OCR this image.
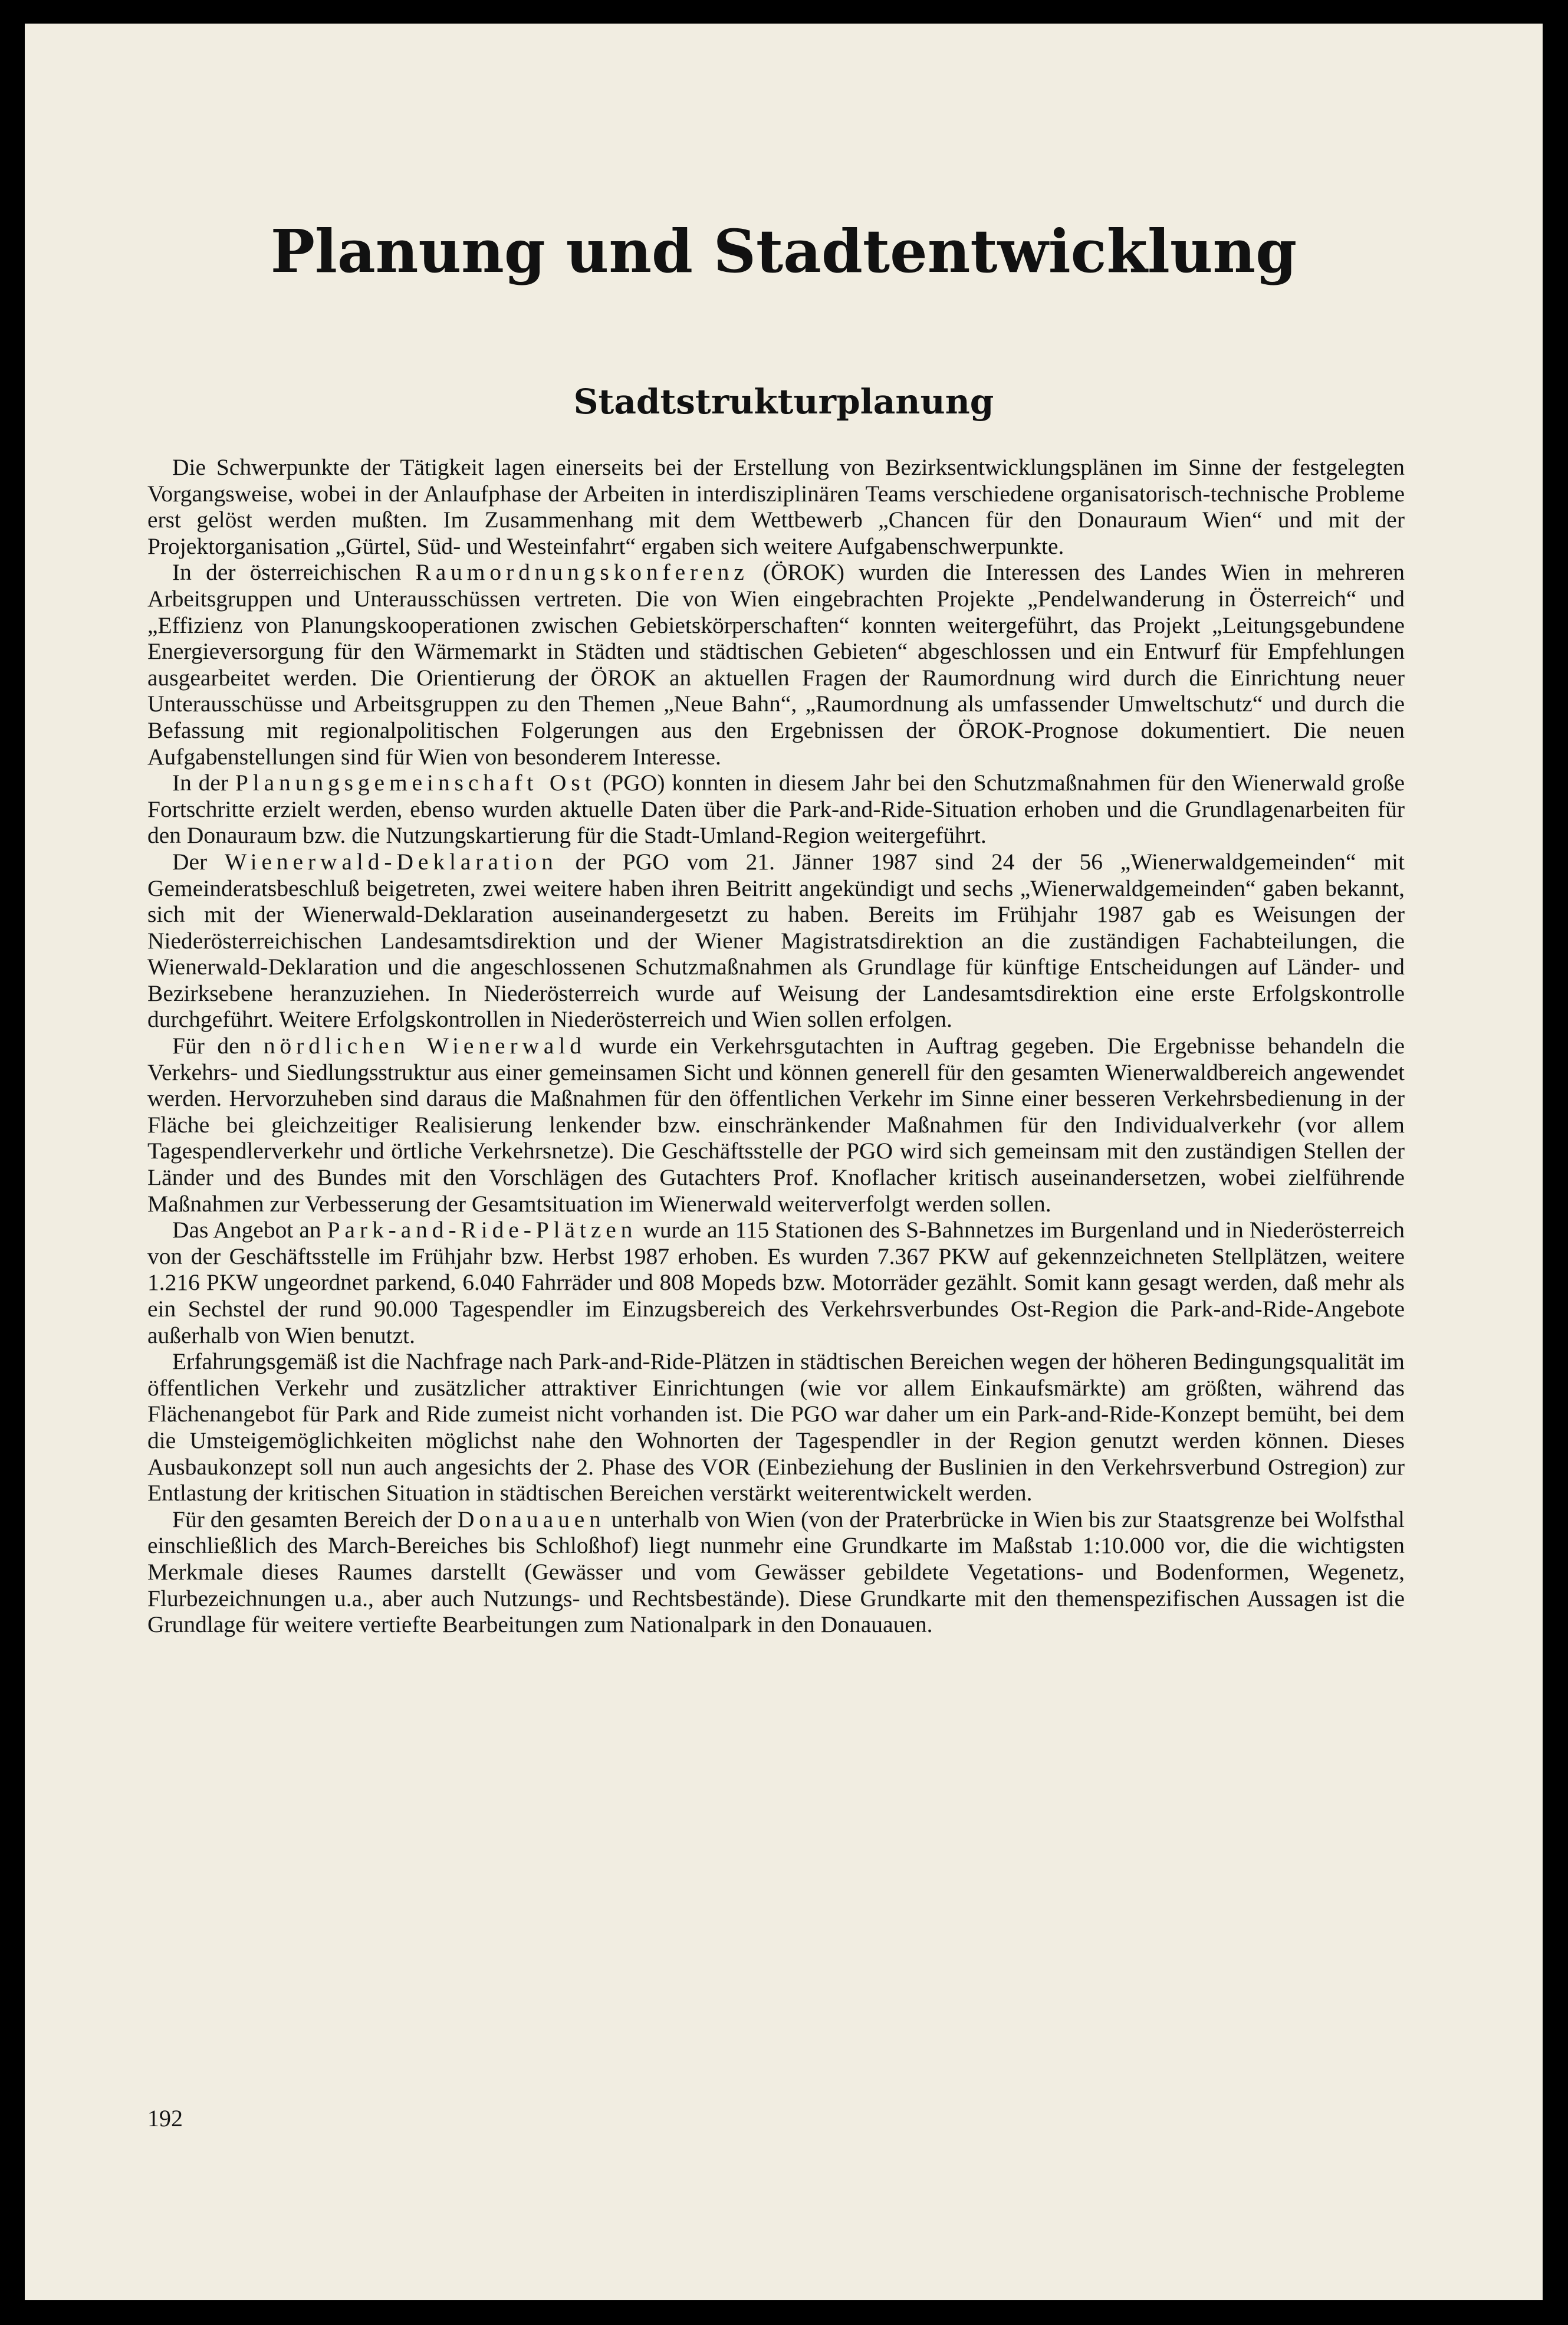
Planung und Stadtentwicklung
Stadtstrukturplanung

Die Schwerpunkte der Tätigkeit lagen einerseits bei der Erstellung von Bezirksentwicklungsplänen im Sinne der festgelegten Vorgangsweise, wobei in der Anlaufphase der Arbeiten in interdisziplinären Teams verschiedene organisatorisch-technische Probleme erst gelöst werden mußten. Im Zusammenhang mit dem Wettbewerb „Chancen für den Donauraum Wien“ und mit der Projektorganisation „Gürtel, Süd- und Westeinfahrt“ ergaben sich weitere Aufgabenschwerpunkte.

In der österreichischen Raumordnungskonferenz (ÖROK) wurden die Interessen des Landes Wien in mehreren Arbeitsgruppen und Unterausschüssen vertreten. Die von Wien eingebrachten Projekte „Pendelwanderung in Österreich“ und „Effizienz von Planungskooperationen zwischen Gebietskörperschaften“ konnten weitergeführt, das Projekt „Leitungsgebundene Energieversorgung für den Wärmemarkt in Städten und städtischen Gebieten“ abgeschlossen und ein Entwurf für Empfehlungen ausgearbeitet werden. Die Orientierung der ÖROK an aktuellen Fragen der Raumordnung wird durch die Einrichtung neuer Unterausschüsse und Arbeitsgruppen zu den Themen „Neue Bahn“, „Raumordnung als umfassender Umweltschutz“ und durch die Befassung mit regionalpolitischen Folgerungen aus den Ergebnissen der ÖROK-Prognose dokumentiert. Die neuen Aufgabenstellungen sind für Wien von besonderem Interesse.

In der Planungsgemeinschaft Ost (PGO) konnten in diesem Jahr bei den Schutzmaßnahmen für den Wienerwald große Fortschritte erzielt werden, ebenso wurden aktuelle Daten über die Park-and-Ride-Situation erhoben und die Grundlagenarbeiten für den Donauraum bzw. die Nutzungskartierung für die Stadt-Umland-Region weitergeführt.

Der Wienerwald-Deklaration der PGO vom 21. Jänner 1987 sind 24 der 56 „Wienerwaldgemeinden“ mit Gemeinderatsbeschluß beigetreten, zwei weitere haben ihren Beitritt angekündigt und sechs „Wienerwaldgemeinden“ gaben bekannt, sich mit der Wienerwald-Deklaration auseinandergesetzt zu haben. Bereits im Frühjahr 1987 gab es Weisungen der Niederösterreichischen Landesamtsdirektion und der Wiener Magistratsdirektion an die zuständigen Fachabteilungen, die Wienerwald-Deklaration und die angeschlossenen Schutzmaßnahmen als Grundlage für künftige Entscheidungen auf Länder- und Bezirksebene heranzuziehen. In Niederösterreich wurde auf Weisung der Landesamtsdirektion eine erste Erfolgskontrolle durchgeführt. Weitere Erfolgskontrollen in Niederösterreich und Wien sollen erfolgen.

Für den nördlichen Wienerwald wurde ein Verkehrsgutachten in Auftrag gegeben. Die Ergebnisse behandeln die Verkehrs- und Siedlungsstruktur aus einer gemeinsamen Sicht und können generell für den gesamten Wienerwaldbereich angewendet werden. Hervorzuheben sind daraus die Maßnahmen für den öffentlichen Verkehr im Sinne einer besseren Verkehrsbedienung in der Fläche bei gleichzeitiger Realisierung lenkender bzw. einschränkender Maßnahmen für den Individualverkehr (vor allem Tagespendlerverkehr und örtliche Verkehrsnetze). Die Geschäftsstelle der PGO wird sich gemeinsam mit den zuständigen Stellen der Länder und des Bundes mit den Vorschlägen des Gutachters Prof. Knoflacher kritisch auseinandersetzen, wobei zielführende Maßnahmen zur Verbesserung der Gesamtsituation im Wienerwald weiterverfolgt werden sollen.

Das Angebot an Park-and-Ride-Plätzen wurde an 115 Stationen des S-Bahnnetzes im Burgenland und in Niederösterreich von der Geschäftsstelle im Frühjahr bzw. Herbst 1987 erhoben. Es wurden 7.367 PKW auf gekennzeichneten Stellplätzen, weitere 1.216 PKW ungeordnet parkend, 6.040 Fahrräder und 808 Mopeds bzw. Motorräder gezählt. Somit kann gesagt werden, daß mehr als ein Sechstel der rund 90.000 Tagespendler im Einzugsbereich des Verkehrsverbundes Ost-Region die Park-and-Ride-Angebote außerhalb von Wien benutzt.

Erfahrungsgemäß ist die Nachfrage nach Park-and-Ride-Plätzen in städtischen Bereichen wegen der höheren Bedingungsqualität im öffentlichen Verkehr und zusätzlicher attraktiver Einrichtungen (wie vor allem Einkaufsmärkte) am größten, während das Flächenangebot für Park and Ride zumeist nicht vorhanden ist. Die PGO war daher um ein Park-and-Ride-Konzept bemüht, bei dem die Umsteigemöglichkeiten möglichst nahe den Wohnorten der Tagespendler in der Region genutzt werden können. Dieses Ausbaukonzept soll nun auch angesichts der 2. Phase des VOR (Einbeziehung der Buslinien in den Verkehrsverbund Ostregion) zur Entlastung der kritischen Situation in städtischen Bereichen verstärkt weiterentwickelt werden.

Für den gesamten Bereich der Donauauen unterhalb von Wien (von der Praterbrücke in Wien bis zur Staatsgrenze bei Wolfsthal einschließlich des March-Bereiches bis Schloßhof) liegt nunmehr eine Grundkarte im Maßstab 1:10.000 vor, die die wichtigsten Merkmale dieses Raumes darstellt (Gewässer und vom Gewässer gebildete Vegetations- und Bodenformen, Wegenetz, Flurbezeichnungen u.a., aber auch Nutzungs- und Rechtsbestände). Diese Grundkarte mit den themenspezifischen Aussagen ist die Grundlage für weitere vertiefte Bearbeitungen zum Nationalpark in den Donauauen.

192
